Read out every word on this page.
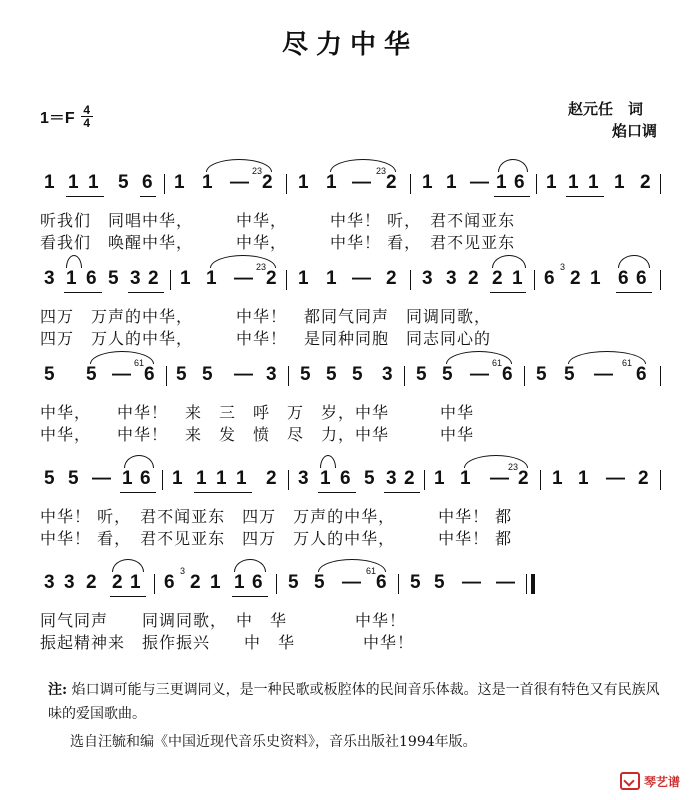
尽力中华
$1=F \frac{4}{4}$	赵元任　词
焰口调
1 1 1 5 6 1 1 —
23
2 1 1 —
23
2 1 1 — 1 6 1 1 1 1 2
听我们　同唱中华，　　　中华，　　　中华！ 听，　君不闻亚东
看我们　唤醒中华，　　　中华，　　　中华！ 看，　君不见亚东
3 1 6 5 3 2 1 1 —
23
2 1 1 — 2 3 3 2 2 1 6
3
2 1 6 6
四万　万声的中华，　　　中华！　都同气同声　同调同歌，
四万　万人的中华，　　　中华！　是同种同胞　同志同心的
5 5 —
61
6 5 5 — 3 5 5 5 3 5 5 —
61
6 5 5 —
61
6
中华，　　中华！　来　三　呼　万　岁，中华　　　中华
中华，　　中华！　来　发　愤　尽　力，中华　　　中华
5 5 — 1 6 1 1 1 1 2 3 1 6 5 3 2 1 1 —
23
2 1 1 — 2
中华！ 听，　君不闻亚东　四万　万声的中华，　　　中华！ 都
中华！ 看，　君不见亚东　四万　万人的中华，　　　中华！ 都
3 3 2 2 1 6
3
2 1 1 6 5 5 —
61
6 5 5 — —
同气同声　　同调同歌，　中　华　　　　中华！
振起精神来　振作振兴　　中　华　　　　中华！
注: 焰口调可能与三更调同义，是一种民歌或板腔体的民间音乐体裁。这是一首很有特色又有民族风味的爱国歌曲。
选自汪毓和编《中国近现代音乐史资料》，音乐出版社1994年版。
琴艺谱
